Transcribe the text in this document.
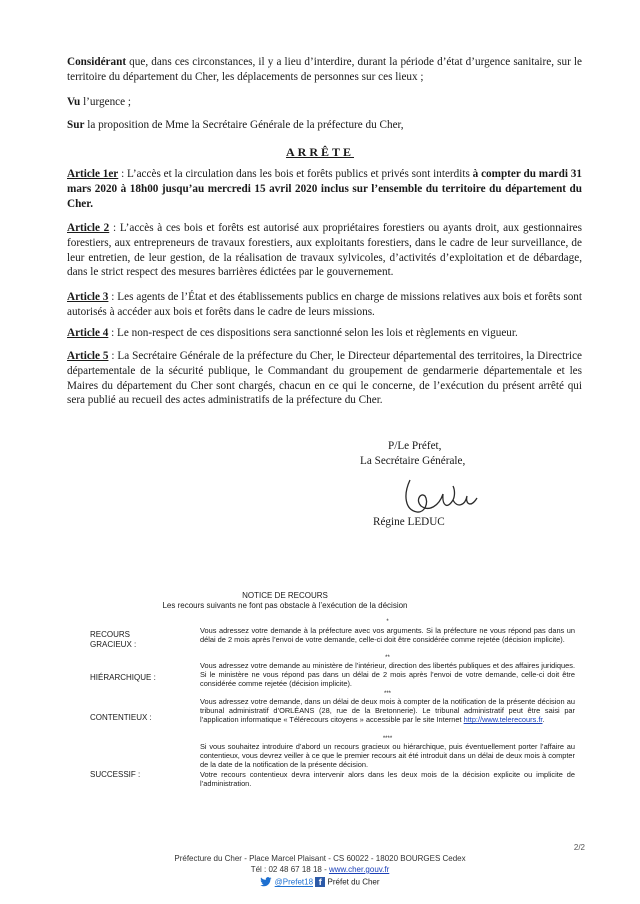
Considérant que, dans ces circonstances, il y a lieu d’interdire, durant la période d’état d’urgence sanitaire, sur le territoire du département du Cher, les déplacements de personnes sur ces lieux ;
Vu l’urgence ;
Sur la proposition de Mme la Secrétaire Générale de la préfecture du Cher,
ARRÊTE
Article 1er : L’accès et la circulation dans les bois et forêts publics et privés sont interdits à compter du mardi 31 mars 2020 à 18h00 jusqu’au mercredi 15 avril 2020 inclus sur l’ensemble du territoire du département du Cher.
Article 2 : L’accès à ces bois et forêts est autorisé aux propriétaires forestiers ou ayants droit, aux gestionnaires forestiers, aux entrepreneurs de travaux forestiers, aux exploitants forestiers, dans le cadre de leur surveillance, de leur entretien, de leur gestion, de la réalisation de travaux sylvicoles, d’activités d’exploitation et de débardage, dans le strict respect des mesures barrières édictées par le gouvernement.
Article 3 : Les agents de l’État et des établissements publics en charge de missions relatives aux bois et forêts sont autorisés à accéder aux bois et forêts dans le cadre de leurs missions.
Article 4 : Le non-respect de ces dispositions sera sanctionné selon les lois et règlements en vigueur.
Article 5 : La Secrétaire Générale de la préfecture du Cher, le Directeur départemental des territoires, la Directrice départementale de la sécurité publique, le Commandant du groupement de gendarmerie départementale et les Maires du département du Cher sont chargés, chacun en ce qui le concerne, de l’exécution du présent arrêté qui sera publié au recueil des actes administratifs de la préfecture du Cher.
P/Le Préfet,
La Secrétaire Générale,
Régine LEDUC
NOTICE DE RECOURS
Les recours suivants ne font pas obstacle à l’exécution de la décision
*
RECOURS GRACIEUX :
Vous adressez votre demande à la préfecture avec vos arguments. Si la préfecture ne vous répond pas dans un délai de 2 mois après l’envoi de votre demande, celle-ci doit être considérée comme rejetée (décision implicite).
**
HIÉRARCHIQUE :
Vous adressez votre demande au ministère de l’intérieur, direction des libertés publiques et des affaires juridiques. Si le ministère ne vous répond pas dans un délai de 2 mois après l’envoi de votre demande, celle-ci doit être considérée comme rejetée (décision implicite).
***
CONTENTIEUX :
Vous adressez votre demande, dans un délai de deux mois à compter de la notification de la présente décision au tribunal administratif d’ORLÉANS (28, rue de la Bretonnerie). Le tribunal administratif peut être saisi par l’application informatique « Télérecours citoyens » accessible par le site Internet http://www.telerecours.fr.
****
SUCCESSIF :
Si vous souhaitez introduire d’abord un recours gracieux ou hiérarchique, puis éventuellement porter l’affaire au contentieux, vous devrez veiller à ce que le premier recours ait été introduit dans un délai de deux mois à compter de la date de la notification de la présente décision.
Votre recours contentieux devra intervenir alors dans les deux mois de la décision explicite ou implicite de l’administration.
2/2
Préfecture du Cher - Place Marcel Plaisant - CS 60022 - 18020 BOURGES Cedex
Tél : 02 48 67 18 18 - www.cher.gouv.fr
@Prefet18 f Préfet du Cher
